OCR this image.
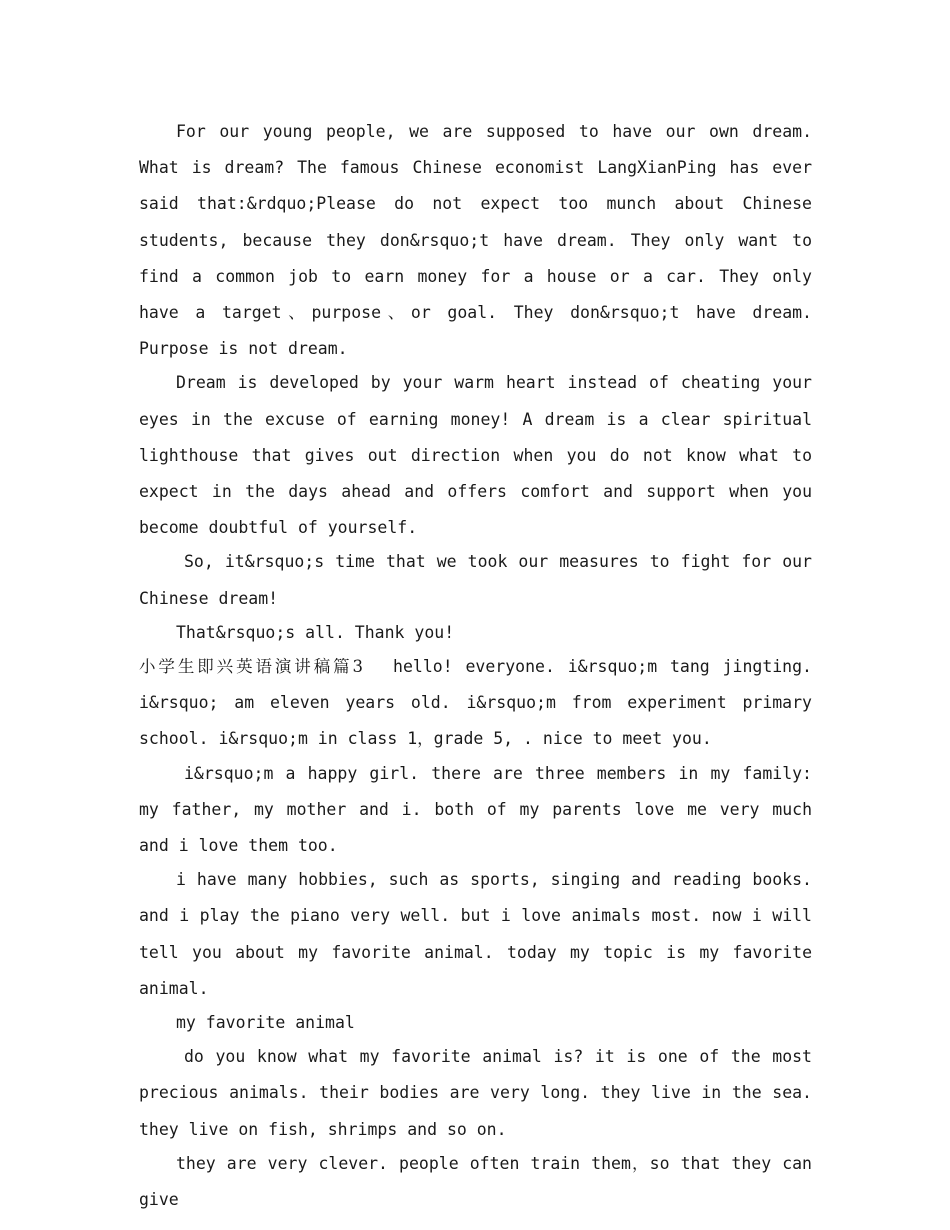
For our young people, we are supposed to have our own dream. What is dream? The famous Chinese economist LangXianPing has ever said that:&rdquo;Please do not expect too munch about Chinese students, because they don&rsquo;t have dream. They only want to find a common job to earn money for a house or a car. They only have a target、purpose、or goal. They don&rsquo;t have dream. Purpose is not dream.

Dream is developed by your warm heart instead of cheating your eyes in the excuse of earning money! A dream is a clear spiritual lighthouse that gives out direction when you do not know what to expect in the days ahead and offers comfort and support when you become doubtful of yourself.

So, it&rsquo;s time that we took our measures to fight for our Chinese dream!

That&rsquo;s all. Thank you!

小学生即兴英语演讲稿篇3 hello! everyone. i&rsquo;m tang jingting. i&rsquo; am eleven years old. i&rsquo;m from experiment primary school. i&rsquo;m in class 1，grade 5, . nice to meet you.

i&rsquo;m a happy girl. there are three members in my family: my father, my mother and i. both of my parents love me very much and i love them too.

i have many hobbies, such as sports, singing and reading books. and i play the piano very well. but i love animals most. now i will tell you about my favorite animal. today my topic is my favorite animal.

my favorite animal

do you know what my favorite animal is? it is one of the most precious animals. their bodies are very long. they live in the sea. they live on fish, shrimps and so on.

they are very clever. people often train them，so that they can give
